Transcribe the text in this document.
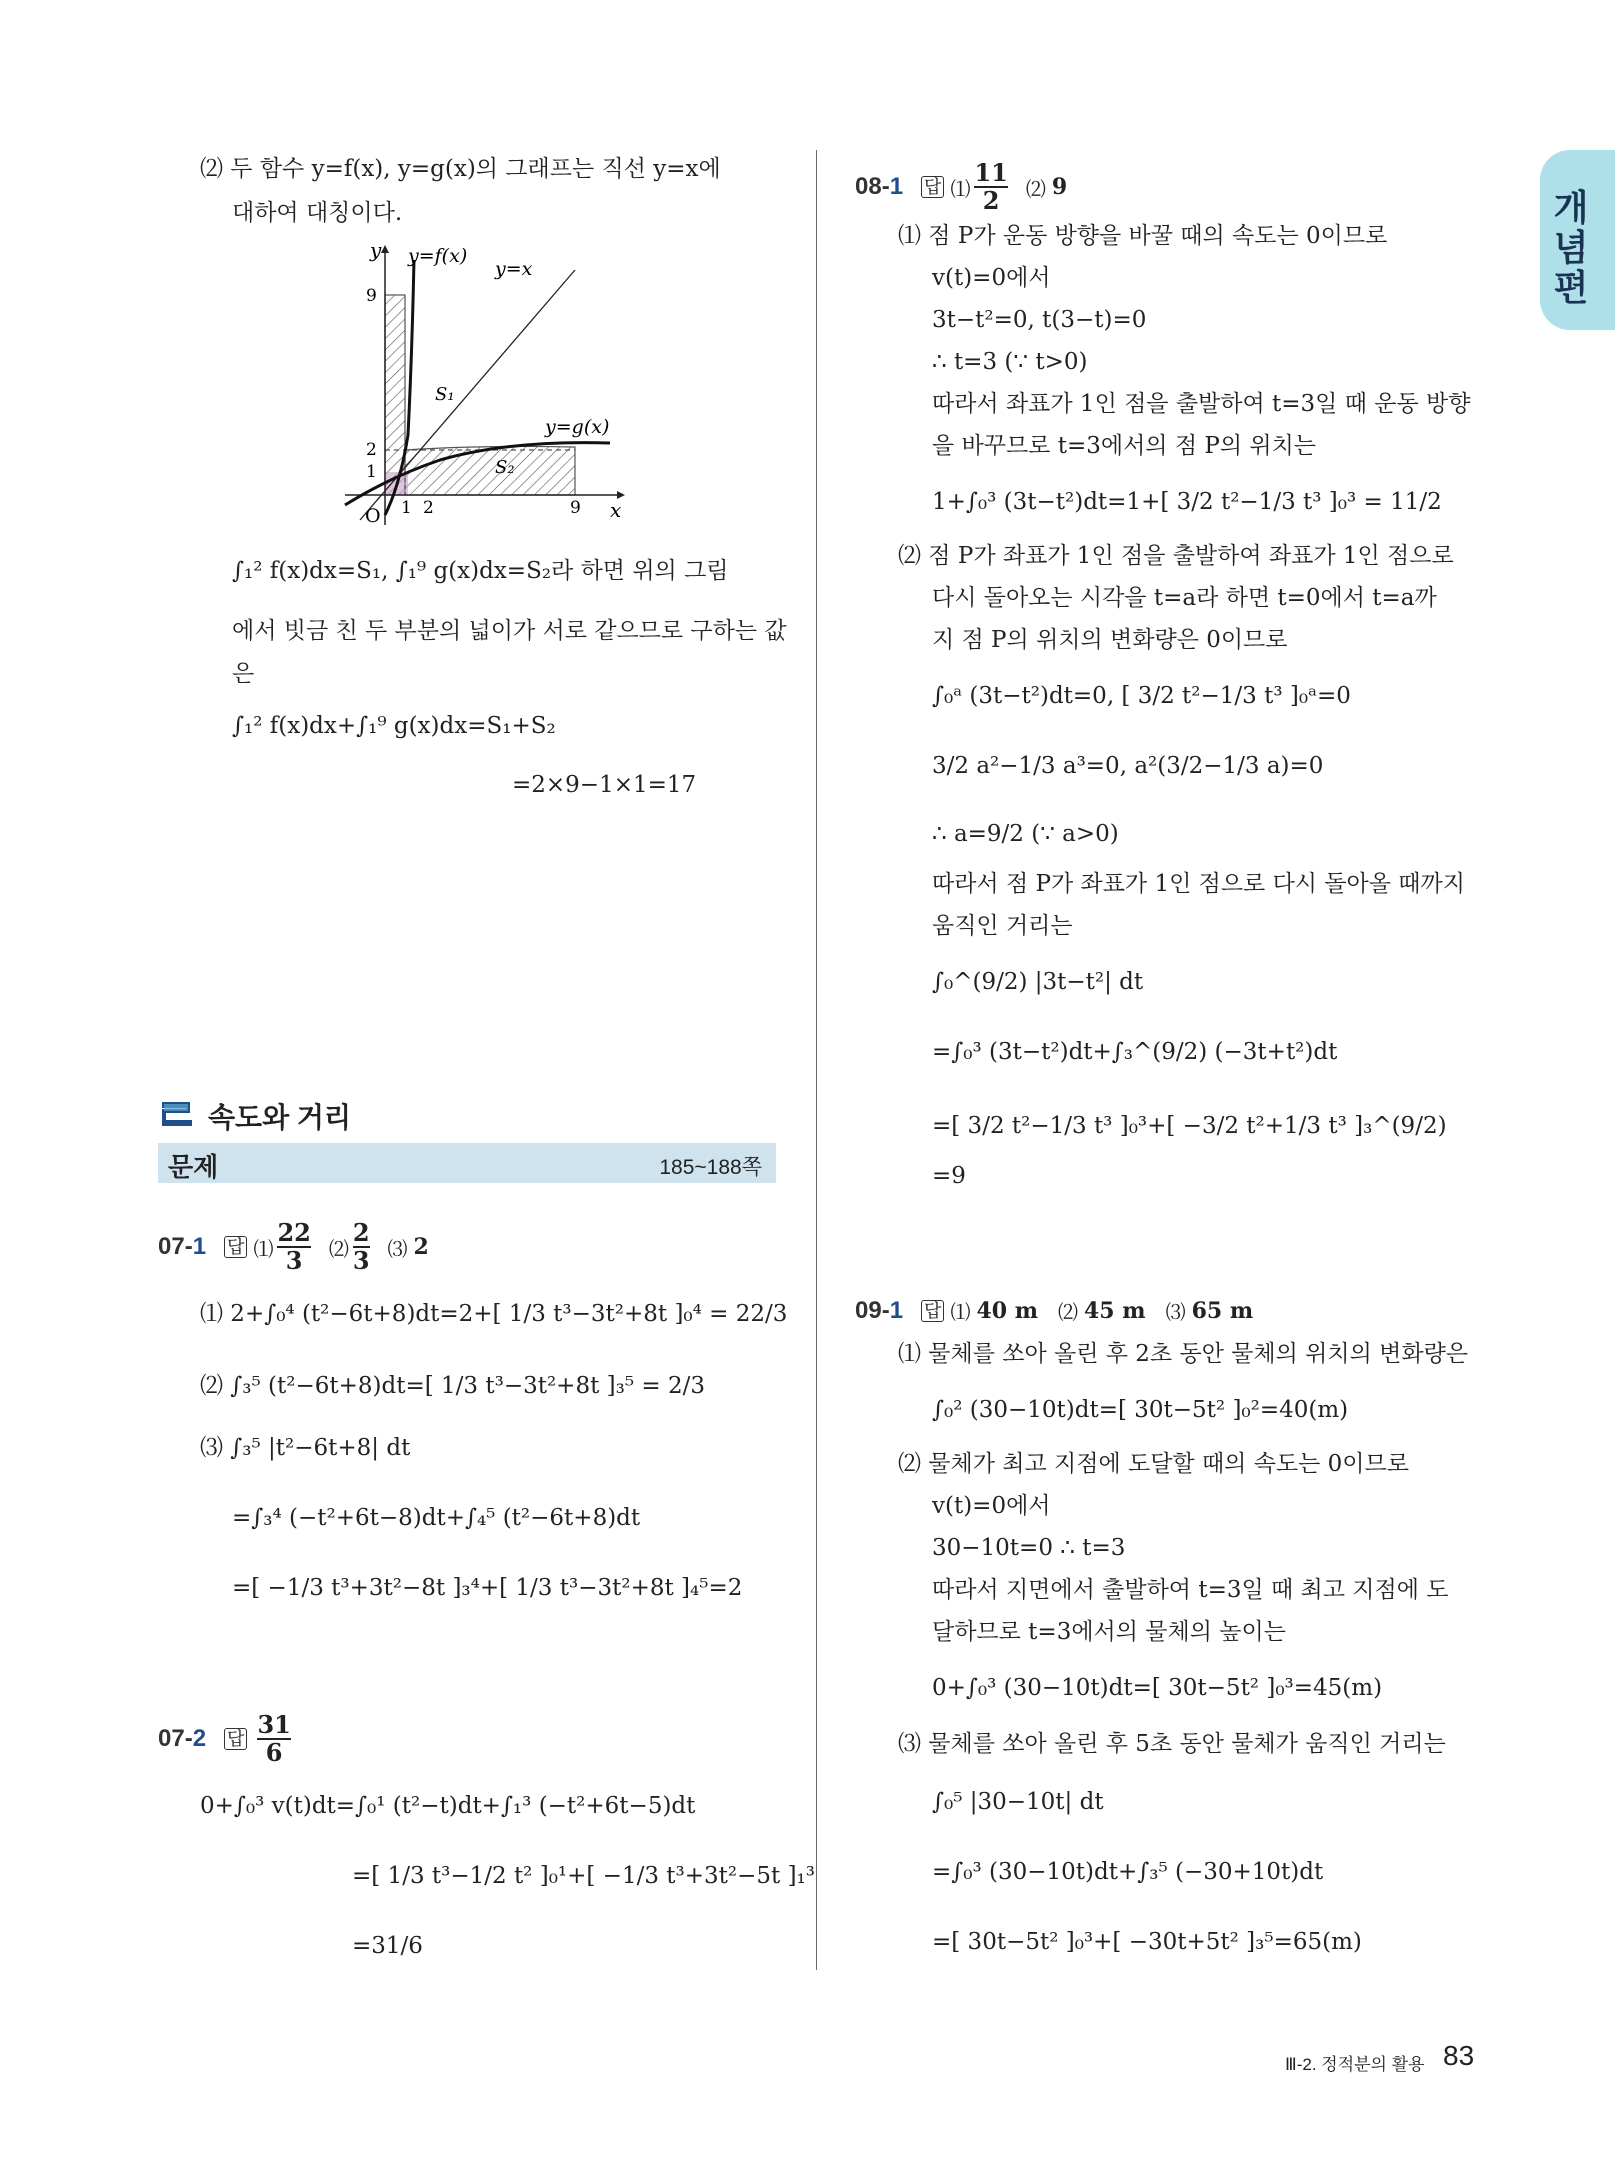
개념편
⑵ 두 함수 y=f(x), y=g(x)의 그래프는 직선 y=x에
대하여 대칭이다.
y
x
O
y=f(x)
y=x
y=g(x)
S₁
S₂
9
2
1
1 2	9
∫₁² f(x)dx=S₁, ∫₁⁹ g(x)dx=S₂라 하면 위의 그림
에서 빗금 친 두 부분의 넓이가 서로 같으므로 구하는 값
은
∫₁² f(x)dx+∫₁⁹ g(x)dx=S₁+S₂
=2×9−1×1=17
속도와 거리
문제	185~188쪽
07-1 답 ⑴ $\frac{22}{3}$ ⑵ $\frac{2}{3}$ ⑶ 2
⑴ 2+∫₀⁴ (t²−6t+8)dt=2+[ 1/3 t³−3t²+8t ]₀⁴ = 22/3
⑵ ∫₃⁵ (t²−6t+8)dt=[ 1/3 t³−3t²+8t ]₃⁵ = 2/3
⑶ ∫₃⁵ |t²−6t+8| dt
=∫₃⁴ (−t²+6t−8)dt+∫₄⁵ (t²−6t+8)dt
=[ −1/3 t³+3t²−8t ]₃⁴+[ 1/3 t³−3t²+8t ]₄⁵=2
07-2 답 $\frac{31}{6}$
0+∫₀³ v(t)dt=∫₀¹ (t²−t)dt+∫₁³ (−t²+6t−5)dt
=[ 1/3 t³−1/2 t² ]₀¹+[ −1/3 t³+3t²−5t ]₁³
=31/6
08-1 답 ⑴ $\frac{11}{2}$ ⑵ 9
⑴ 점 P가 운동 방향을 바꿀 때의 속도는 0이므로
v(t)=0에서
3t−t²=0, t(3−t)=0
∴ t=3 (∵ t>0)
따라서 좌표가 1인 점을 출발하여 t=3일 때 운동 방향
을 바꾸므로 t=3에서의 점 P의 위치는
1+∫₀³ (3t−t²)dt=1+[ 3/2 t²−1/3 t³ ]₀³ = 11/2
⑵ 점 P가 좌표가 1인 점을 출발하여 좌표가 1인 점으로
다시 돌아오는 시각을 t=a라 하면 t=0에서 t=a까
지 점 P의 위치의 변화량은 0이므로
∫₀ᵃ (3t−t²)dt=0, [ 3/2 t²−1/3 t³ ]₀ᵃ=0
3/2 a²−1/3 a³=0, a²(3/2−1/3 a)=0
∴ a=9/2 (∵ a>0)
따라서 점 P가 좌표가 1인 점으로 다시 돌아올 때까지
움직인 거리는
∫₀^(9/2) |3t−t²| dt
=∫₀³ (3t−t²)dt+∫₃^(9/2) (−3t+t²)dt
=[ 3/2 t²−1/3 t³ ]₀³+[ −3/2 t²+1/3 t³ ]₃^(9/2)
=9
09-1 답 ⑴ 40 m ⑵ 45 m ⑶ 65 m
⑴ 물체를 쏘아 올린 후 2초 동안 물체의 위치의 변화량은
∫₀² (30−10t)dt=[ 30t−5t² ]₀²=40(m)
⑵ 물체가 최고 지점에 도달할 때의 속도는 0이므로
v(t)=0에서
30−10t=0 ∴ t=3
따라서 지면에서 출발하여 t=3일 때 최고 지점에 도
달하므로 t=3에서의 물체의 높이는
0+∫₀³ (30−10t)dt=[ 30t−5t² ]₀³=45(m)
⑶ 물체를 쏘아 올린 후 5초 동안 물체가 움직인 거리는
∫₀⁵ |30−10t| dt
=∫₀³ (30−10t)dt+∫₃⁵ (−30+10t)dt
=[ 30t−5t² ]₀³+[ −30t+5t² ]₃⁵=65(m)
Ⅲ-2. 정적분의 활용 83
